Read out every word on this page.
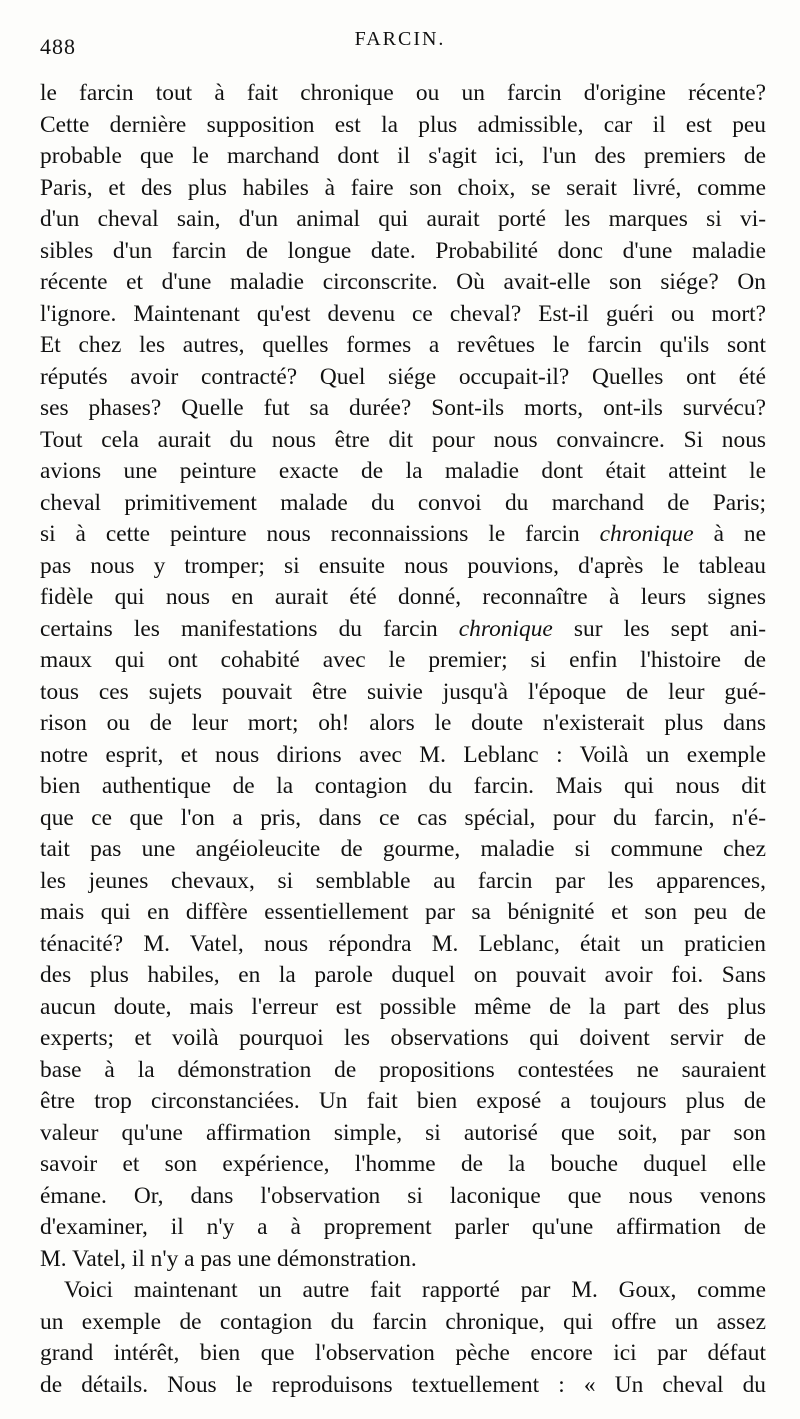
488	FARCIN.
le farcin tout à fait chronique ou un farcin d'origine récente?
Cette dernière supposition est la plus admissible, car il est peu
probable que le marchand dont il s'agit ici, l'un des premiers de
Paris, et des plus habiles à faire son choix, se serait livré, comme
d'un cheval sain, d'un animal qui aurait porté les marques si vi-
sibles d'un farcin de longue date. Probabilité donc d'une maladie
récente et d'une maladie circonscrite. Où avait-elle son siége? On
l'ignore. Maintenant qu'est devenu ce cheval? Est-il guéri ou mort?
Et chez les autres, quelles formes a revêtues le farcin qu'ils sont
réputés avoir contracté? Quel siége occupait-il? Quelles ont été
ses phases? Quelle fut sa durée? Sont-ils morts, ont-ils survécu?
Tout cela aurait du nous être dit pour nous convaincre. Si nous
avions une peinture exacte de la maladie dont était atteint le
cheval primitivement malade du convoi du marchand de Paris;
si à cette peinture nous reconnaissions le farcin chronique à ne
pas nous y tromper; si ensuite nous pouvions, d'après le tableau
fidèle qui nous en aurait été donné, reconnaître à leurs signes
certains les manifestations du farcin chronique sur les sept ani-
maux qui ont cohabité avec le premier; si enfin l'histoire de
tous ces sujets pouvait être suivie jusqu'à l'époque de leur gué-
rison ou de leur mort; oh! alors le doute n'existerait plus dans
notre esprit, et nous dirions avec M. Leblanc : Voilà un exemple
bien authentique de la contagion du farcin. Mais qui nous dit
que ce que l'on a pris, dans ce cas spécial, pour du farcin, n'é-
tait pas une angéioleucite de gourme, maladie si commune chez
les jeunes chevaux, si semblable au farcin par les apparences,
mais qui en diffère essentiellement par sa bénignité et son peu de
ténacité? M. Vatel, nous répondra M. Leblanc, était un praticien
des plus habiles, en la parole duquel on pouvait avoir foi. Sans
aucun doute, mais l'erreur est possible même de la part des plus
experts; et voilà pourquoi les observations qui doivent servir de
base à la démonstration de propositions contestées ne sauraient
être trop circonstanciées. Un fait bien exposé a toujours plus de
valeur qu'une affirmation simple, si autorisé que soit, par son
savoir et son expérience, l'homme de la bouche duquel elle
émane. Or, dans l'observation si laconique que nous venons
d'examiner, il n'y a à proprement parler qu'une affirmation de
M. Vatel, il n'y a pas une démonstration.
Voici maintenant un autre fait rapporté par M. Goux, comme
un exemple de contagion du farcin chronique, qui offre un assez
grand intérêt, bien que l'observation pèche encore ici par défaut
de détails. Nous le reproduisons textuellement : « Un cheval du
